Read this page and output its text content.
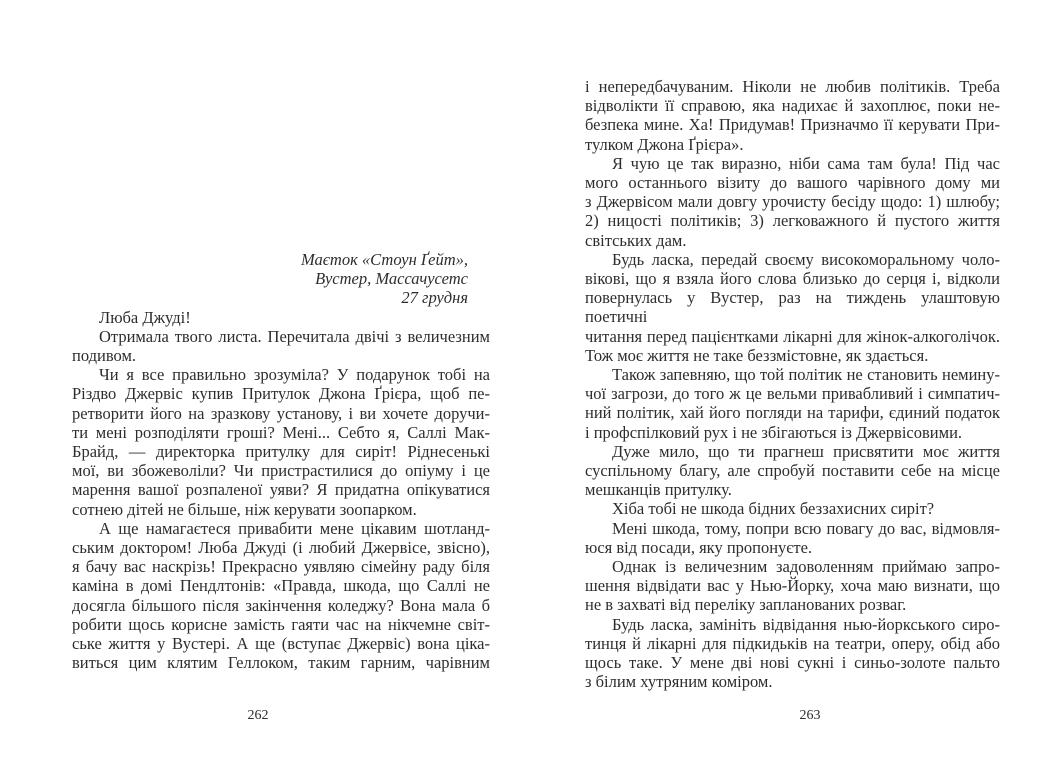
Маєток «Стоун Ґейт»,
Вустер, Массачусетс
27 грудня
Люба Джуді!
Отримала твого листа. Перечитала двічі з величезним
подивом.
Чи я все правильно зрозуміла? У подарунок тобі на
Різдво Джервіс купив Притулок Джона Ґрієра, щоб пе-
ретворити його на зразкову установу, і ви хочете доручи-
ти мені розподіляти гроші? Мені... Себто я, Саллі Мак-
Брайд, — директорка притулку для сиріт! Ріднесенькі
мої, ви збожеволіли? Чи пристрастилися до опіуму і це
марення вашої розпаленої уяви? Я придатна опікуватися
сотнею дітей не більше, ніж керувати зоопарком.
А ще намагаєтеся привабити мене цікавим шотланд-
ським доктором! Люба Джуді (і любий Джервісе, звісно),
я бачу вас наскрізь! Прекрасно уявляю сімейну раду біля
каміна в домі Пендлтонів: «Правда, шкода, що Саллі не
досягла більшого після закінчення коледжу? Вона мала б
робити щось корисне замість гаяти час на нікчемне світ-
ське життя у Вустері. А ще (вступає Джервіс) вона ціка-
виться цим клятим Геллоком, таким гарним, чарівним
і непередбачуваним. Ніколи не любив політиків. Треба
відволікти її справою, яка надихає й захоплює, поки не-
безпека мине. Ха! Придумав! Призначмо її керувати При-
тулком Джона Ґрієра».
Я чую це так виразно, ніби сама там була! Під час
мого останнього візиту до вашого чарівного дому ми
з Джервісом мали довгу урочисту бесіду щодо: 1) шлюбу;
2) ницості політиків; 3) легковажного й пустого життя
світських дам.
Будь ласка, передай своєму високоморальному чоло-
вікові, що я взяла його слова близько до серця і, відколи
повернулась у Вустер, раз на тиждень улаштовую поетичні
читання перед пацієнтками лікарні для жінок-алкоголічок.
Тож моє життя не таке беззмістовне, як здається.
Також запевняю, що той політик не становить немину-
чої загрози, до того ж це вельми привабливий і симпатич-
ний політик, хай його погляди на тарифи, єдиний податок
і профспілковий рух і не збігаються із Джервісовими.
Дуже мило, що ти прагнеш присвятити моє життя
суспільному благу, але спробуй поставити себе на місце
мешканців притулку.
Хіба тобі не шкода бідних беззахисних сиріт?
Мені шкода, тому, попри всю повагу до вас, відмовля-
юся від посади, яку пропонуєте.
Однак із величезним задоволенням приймаю запро-
шення відвідати вас у Нью-Йорку, хоча маю визнати, що
не в захваті від переліку запланованих розваг.
Будь ласка, замініть відвідання нью-йоркського сиро-
тинця й лікарні для підкидьків на театри, оперу, обід або
щось таке. У мене дві нові сукні і синьо-золоте пальто
з білим хутряним коміром.
262	263
